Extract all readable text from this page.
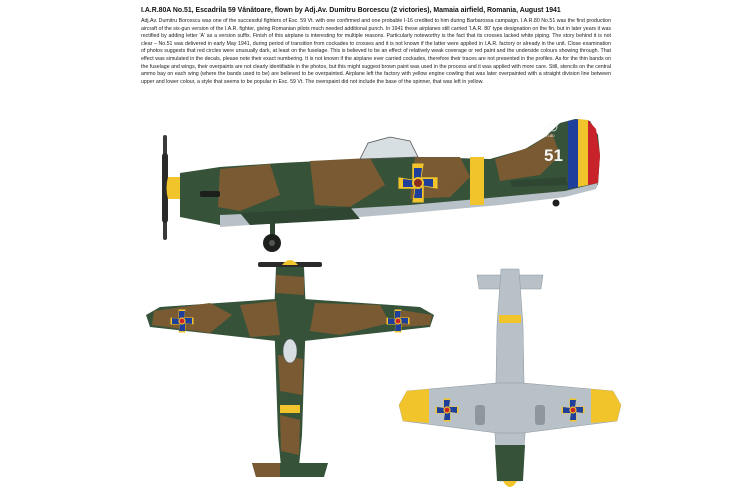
I.A.R.80A No.51, Escadrila 59 Vânătoare, flown by Adj.Av. Dumitru Borcescu (2 victories), Mamaia airfield, Romania, August 1941
Adj.Av. Dumitru Borcescu was one of the successful fighters of Esc. 59 Vt. with one confirmed and one probable I-16 credited to him during Barbarossa campaign. I.A.R.80 No.51 was the first production aircraft of the six-gun version of the I.A.R. fighter, giving Romanian pilots much needed additional punch. In 1941 these airplanes still carried 'I.A.R. 80' type designation on the fin, but in later years it was rectified by adding letter 'A' as a version suffix. Finish of this airplane is interesting for multiple reasons. Particularly noteworthy is the fact that its crosses lacked white piping. The story behind it is not clear – No.51 was delivered in early May 1941, during period of transition from cockades to crosses and it is not known if the latter were applied in I.A.R. factory or already in the unit. Close examination of photos suggests that red circles were unusually dark, at least on the fuselage. This is believed to be an effect of relatively weak coverage or red paint and the underside colours showing through. That effect was simulated in the decals, please note their exact numbering. It is not known if the airplane ever carried cockades, therefore their traces are not presented in the profiles. As for the thin bands on the fuselage and wings, their overpaints are not clearly identifiable in the photos, but this might suggest brown paint was used in the process and it was applied with more care. Still, stencils on the central ammo bay on each wing (where the bands used to be) are believed to be overpainted. Airplane left the factory with yellow engine cowling that was later overpainted with a straight division line between upper and lower colour, a style that seems to be popular in Esc. 59 Vt. The overspaint did not include the base of the spinner, that was left in yellow.
51
I.A.R.80
2
